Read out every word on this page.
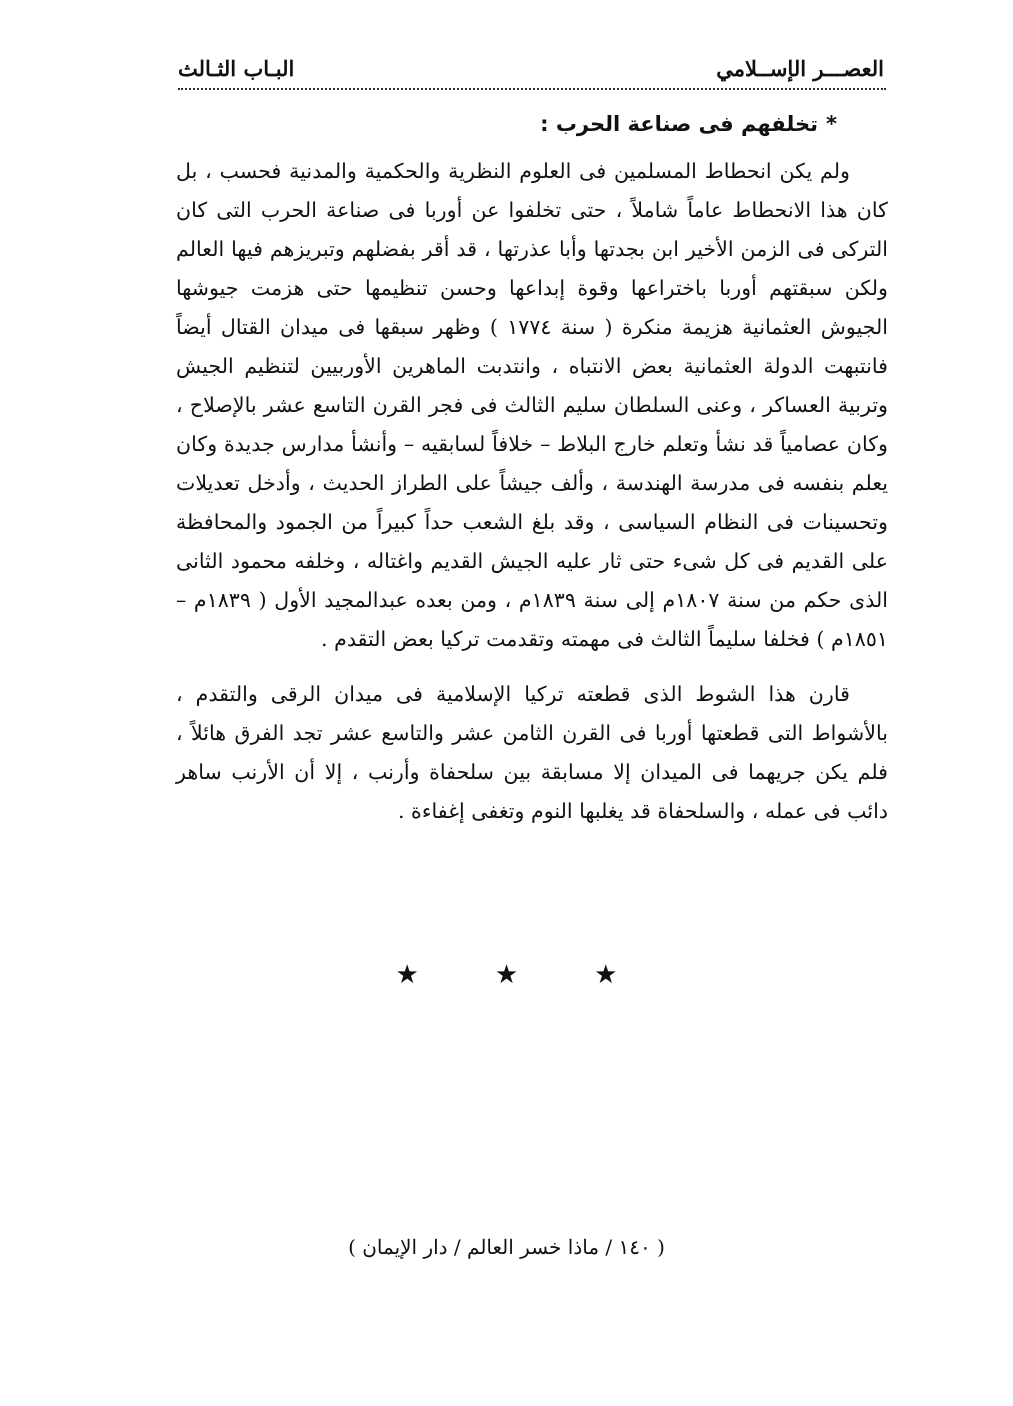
العصـــر الإســلامي
البـاب الثـالث
*تخلفهم فى صناعة الحرب :

ولم يكن انحطاط المسلمين فى العلوم النظرية والحكمية والمدنية فحسب ، بل كان هذا الانحطاط عاماً شاملاً ، حتى تخلفوا عن أوربا فى صناعة الحرب التى كان التركى فى الزمن الأخير ابن بجدتها وأبا عذرتها ، قد أقر بفضلهم وتبريزهم فيها العالم ولكن سبقتهم أوربا باختراعها وقوة إبداعها وحسن تنظيمها حتى هزمت جيوشها الجيوش العثمانية هزيمة منكرة ( سنة ١٧٧٤ ) وظهر سبقها فى ميدان القتال أيضاً فانتبهت الدولة العثمانية بعض الانتباه ، وانتدبت الماهرين الأوربيين لتنظيم الجيش وتربية العساكر ، وعنى السلطان سليم الثالث فى فجر القرن التاسع عشر بالإصلاح ، وكان عصامياً قد نشأ وتعلم خارج البلاط – خلافاً لسابقيه – وأنشأ مدارس جديدة وكان يعلم بنفسه فى مدرسة الهندسة ، وألف جيشاً على الطراز الحديث ، وأدخل تعديلات وتحسينات فى النظام السياسى ، وقد بلغ الشعب حداً كبيراً من الجمود والمحافظة على القديم فى كل شىء حتى ثار عليه الجيش القديم واغتاله ، وخلفه محمود الثانى الذى حكم من سنة ١٨٠٧م إلى سنة ١٨٣٩م ، ومن بعده عبدالمجيد الأول ( ١٨٣٩م – ١٨٥١م ) فخلفا سليماً الثالث فى مهمته وتقدمت تركيا بعض التقدم .

قارن هذا الشوط الذى قطعته تركيا الإسلامية فى ميدان الرقى والتقدم ، بالأشواط التى قطعتها أوربا فى القرن الثامن عشر والتاسع عشر تجد الفرق هائلاً ، فلم يكن جريهما فى الميدان إلا مسابقة بين سلحفاة وأرنب ، إلا أن الأرنب ساهر دائب فى عمله ، والسلحفاة قد يغلبها النوم وتغفى إغفاءة .

★	★	★
( ١٤٠ / ماذا خسر العالم / دار الإيمان )
